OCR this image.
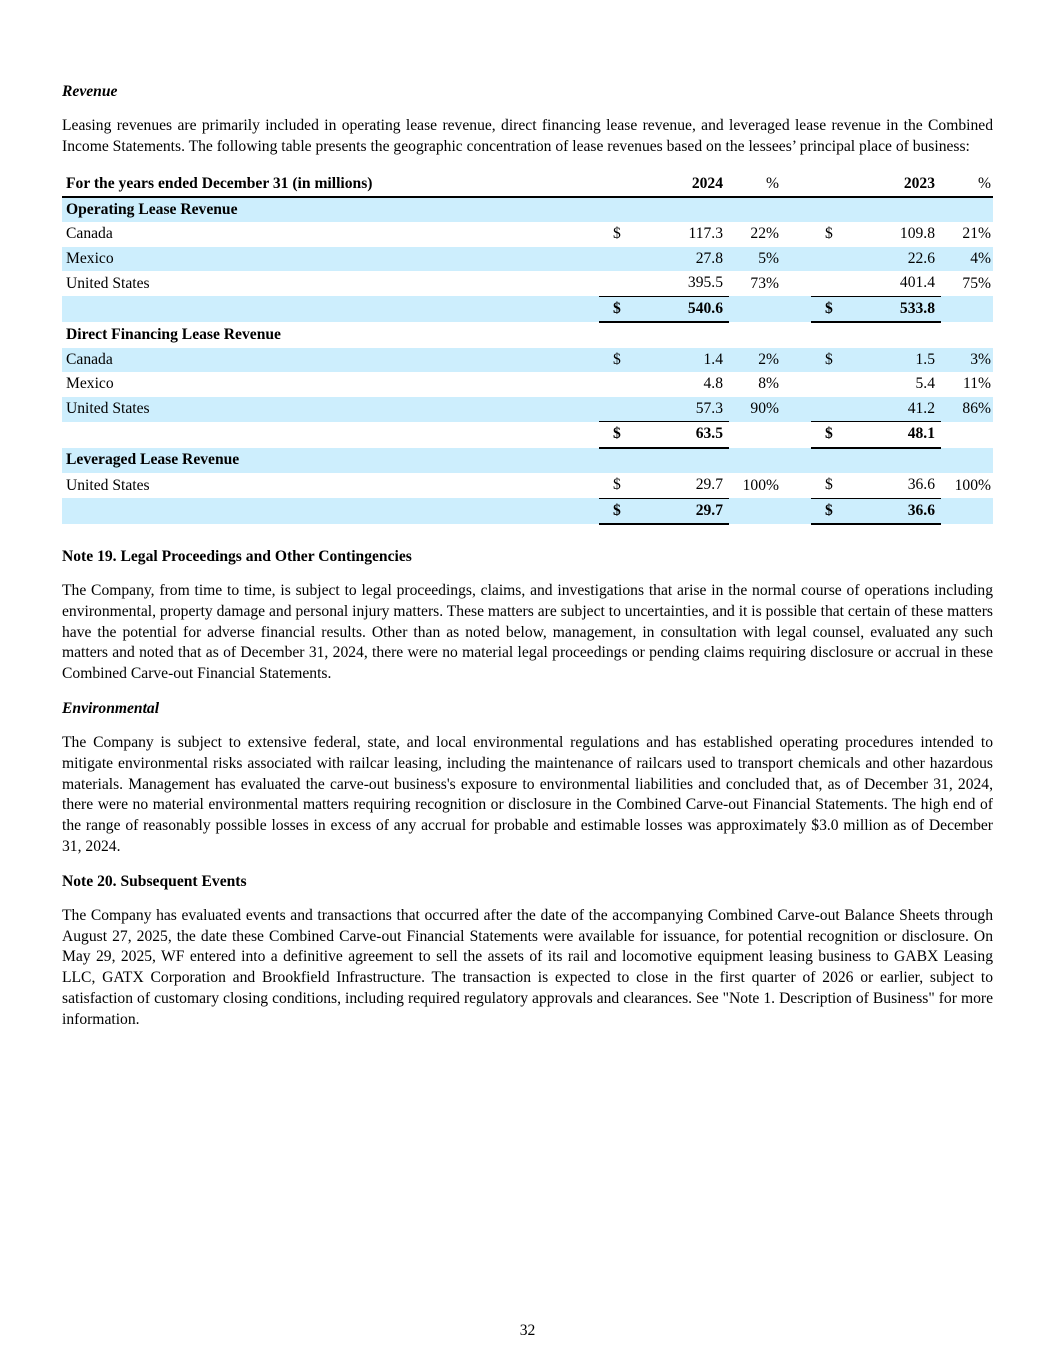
Revenue

Leasing revenues are primarily included in operating lease revenue, direct financing lease revenue, and leveraged lease revenue in the Combined Income Statements. The following table presents the geographic concentration of lease revenues based on the lessees’ principal place of business:

For the years ended December 31 (in millions)		2024	%			2023	%
Operating Lease Revenue							
Canada	$	117.3	22%		$	109.8	21%
Mexico		27.8	5%			22.6	4%
United States		395.5	73%			401.4	75%
	$	540.6			$	533.8	
Direct Financing Lease Revenue							
Canada	$	1.4	2%		$	1.5	3%
Mexico		4.8	8%			5.4	11%
United States		57.3	90%			41.2	86%
	$	63.5			$	48.1	
Leveraged Lease Revenue							
United States	$	29.7	100%		$	36.6	100%
	$	29.7			$	36.6	
Note 19. Legal Proceedings and Other Contingencies

The Company, from time to time, is subject to legal proceedings, claims, and investigations that arise in the normal course of operations including environmental, property damage and personal injury matters. These matters are subject to uncertainties, and it is possible that certain of these matters have the potential for adverse financial results. Other than as noted below, management, in consultation with legal counsel, evaluated any such matters and noted that as of December 31, 2024, there were no material legal proceedings or pending claims requiring disclosure or accrual in these Combined Carve-out Financial Statements.

Environmental

The Company is subject to extensive federal, state, and local environmental regulations and has established operating procedures intended to mitigate environmental risks associated with railcar leasing, including the maintenance of railcars used to transport chemicals and other hazardous materials. Management has evaluated the carve-out business's exposure to environmental liabilities and concluded that, as of December 31, 2024, there were no material environmental matters requiring recognition or disclosure in the Combined Carve-out Financial Statements. The high end of the range of reasonably possible losses in excess of any accrual for probable and estimable losses was approximately $3.0 million as of December 31, 2024.

Note 20. Subsequent Events

The Company has evaluated events and transactions that occurred after the date of the accompanying Combined Carve-out Balance Sheets through August 27, 2025, the date these Combined Carve-out Financial Statements were available for issuance, for potential recognition or disclosure. On May 29, 2025, WF entered into a definitive agreement to sell the assets of its rail and locomotive equipment leasing business to GABX Leasing LLC, GATX Corporation and Brookfield Infrastructure. The transaction is expected to close in the first quarter of 2026 or earlier, subject to satisfaction of customary closing conditions, including required regulatory approvals and clearances. See "Note 1. Description of Business" for more information.

32
